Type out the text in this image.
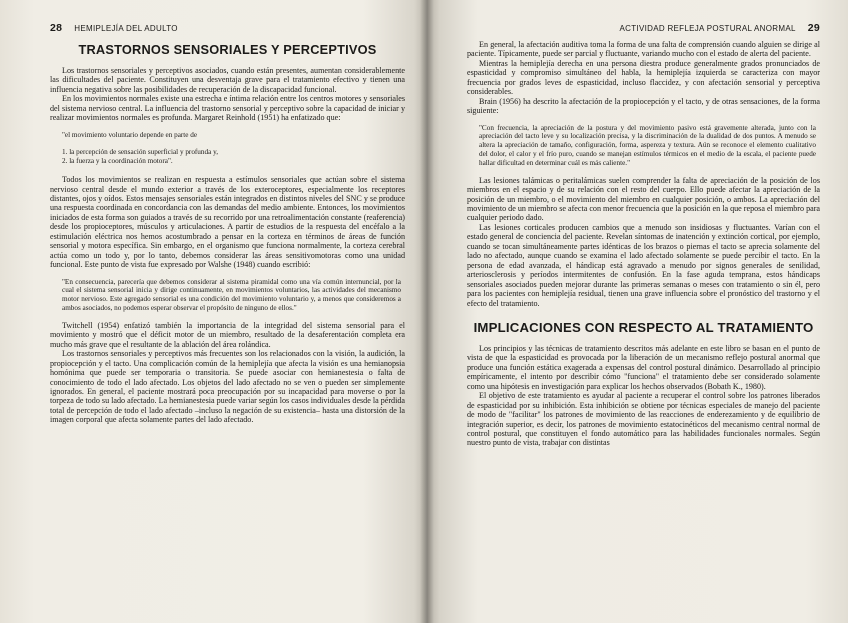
28 HEMIPLEJÍA DEL ADULTO
TRASTORNOS SENSORIALES Y PERCEPTIVOS

Los trastornos sensoriales y perceptivos asociados, cuando están presentes, aumentan considerablemente las dificultades del paciente. Constituyen una desventaja grave para el tratamiento efectivo y tienen una influencia negativa sobre las posibilidades de recuperación de la discapacidad funcional.

En los movimientos normales existe una estrecha e íntima relación entre los centros motores y sensoriales del sistema nervioso central. La influencia del trastorno sensorial y perceptivo sobre la capacidad de iniciar y realizar movimientos normales es profunda. Margaret Reinhold (1951) ha enfatizado que:

"el movimiento voluntario depende en parte de
1. la percepción de sensación superficial y profunda y,
2. la fuerza y la coordinación motora".

Todos los movimientos se realizan en respuesta a estímulos sensoriales que actúan sobre el sistema nervioso central desde el mundo exterior a través de los exteroceptores, especialmente los receptores distantes, ojos y oídos. Estos mensajes sensoriales están integrados en distintos niveles del SNC y se produce una respuesta coordinada en concordancia con las demandas del medio ambiente. Entonces, los movimientos iniciados de esta forma son guiados a través de su recorrido por una retroalimentación constante (reaferencia) desde los propioceptores, músculos y articulaciones. A partir de estudios de la respuesta del encéfalo a la estimulación eléctrica nos hemos acostumbrado a pensar en la corteza en términos de áreas de función sensorial y motora específica. Sin embargo, en el organismo que funciona normalmente, la corteza cerebral actúa como un todo y, por lo tanto, debemos considerar las áreas sensitivomotoras como una unidad funcional. Este punto de vista fue expresado por Walshe (1948) cuando escribió:

"En consecuencia, parecería que debemos considerar al sistema piramidal como una vía común internuncial, por la cual el sistema sensorial inicia y dirige continuamente, en movimientos voluntarios, las actividades del mecanismo motor nervioso. Este agregado sensorial es una condición del movimiento voluntario y, a menos que consideremos a ambos asociados, no podemos esperar observar el propósito de ninguno de ellos."

Twitchell (1954) enfatizó también la importancia de la integridad del sistema sensorial para el movimiento y mostró que el déficit motor de un miembro, resultado de la desaferentación completa era mucho más grave que el resultante de la ablación del área rolándica.

Los trastornos sensoriales y perceptivos más frecuentes son los relacionados con la visión, la audición, la propiocepción y el tacto. Una complicación común de la hemiplejía que afecta la visión es una hemianopsia homónima que puede ser temporaria o transitoria. Se puede asociar con hemianestesia o falta de conocimiento de todo el lado afectado. Los objetos del lado afectado no se ven o pueden ser simplemente ignorados. En general, el paciente mostrará poca preocupación por su incapacidad para moverse o por la torpeza de todo su lado afectado. La hemianestesia puede variar según los casos individuales desde la pérdida total de percepción de todo el lado afectado –incluso la negación de su existencia– hasta una distorsión de la imagen corporal que afecta solamente partes del lado afectado.

ACTIVIDAD REFLEJA POSTURAL ANORMAL 29

En general, la afectación auditiva toma la forma de una falta de comprensión cuando alguien se dirige al paciente. Típicamente, puede ser parcial y fluctuante, variando mucho con el estado de alerta del paciente.

Mientras la hemiplejía derecha en una persona diestra produce generalmente grados pronunciados de espasticidad y compromiso simultáneo del habla, la hemiplejía izquierda se caracteriza con mayor frecuencia por grados leves de espasticidad, incluso flaccidez, y con afectación sensorial y perceptiva considerables.

Brain (1956) ha descrito la afectación de la propiocepción y el tacto, y de otras sensaciones, de la forma siguiente:

"Con frecuencia, la apreciación de la postura y del movimiento pasivo está gravemente alterada, junto con la apreciación del tacto leve y su localización precisa, y la discriminación de la dualidad de dos puntos. A menudo se altera la apreciación de tamaño, configuración, forma, aspereza y textura. Aún se reconoce el elemento cualitativo del dolor, el calor y el frío puro, cuando se manejan estímulos térmicos en el medio de la escala, el paciente puede hallar dificultad en determinar cuál es más caliente."

Las lesiones talámicas o peritalámicas suelen comprender la falta de apreciación de la posición de los miembros en el espacio y de su relación con el resto del cuerpo. Ello puede afectar la apreciación de la posición de un miembro, o el movimiento del miembro en cualquier posición, o ambos. La apreciación del movimiento de un miembro se afecta con menor frecuencia que la posición en la que reposa el miembro para cualquier periodo dado.

Las lesiones corticales producen cambios que a menudo son insidiosas y fluctuantes. Varían con el estado general de conciencia del paciente. Revelan síntomas de inatención y extinción cortical, por ejemplo, cuando se tocan simultáneamente partes idénticas de los brazos o piernas el tacto se aprecia solamente del lado no afectado, aunque cuando se examina el lado afectado solamente se puede percibir el tacto. En la persona de edad avanzada, el hándicap está agravado a menudo por signos generales de senilidad, arteriosclerosis y períodos intermitentes de confusión. En la fase aguda temprana, estos hándicaps sensoriales asociados pueden mejorar durante las primeras semanas o meses con tratamiento o sin él, pero para los pacientes con hemiplejía residual, tienen una grave influencia sobre el pronóstico del trastorno y el efecto del tratamiento.

IMPLICACIONES CON RESPECTO AL TRATAMIENTO

Los principios y las técnicas de tratamiento descritos más adelante en este libro se basan en el punto de vista de que la espasticidad es provocada por la liberación de un mecanismo reflejo postural anormal que produce una función estática exagerada a expensas del control postural dinámico. Desarrollado al principio empíricamente, el intento por describir cómo "funciona" el tratamiento debe ser considerado solamente como una hipótesis en investigación para explicar los hechos observados (Bobath K., 1980).

El objetivo de este tratamiento es ayudar al paciente a recuperar el control sobre los patrones liberados de espasticidad por su inhibición. Esta inhibición se obtiene por técnicas especiales de manejo del paciente de modo de "facilitar" los patrones de movimiento de las reacciones de enderezamiento y de equilibrio de integración superior, es decir, los patrones de movimiento estatocinéticos del mecanismo central normal de control postural, que constituyen el fondo automático para las habilidades funcionales normales. Según nuestro punto de vista, trabajar con distintas
